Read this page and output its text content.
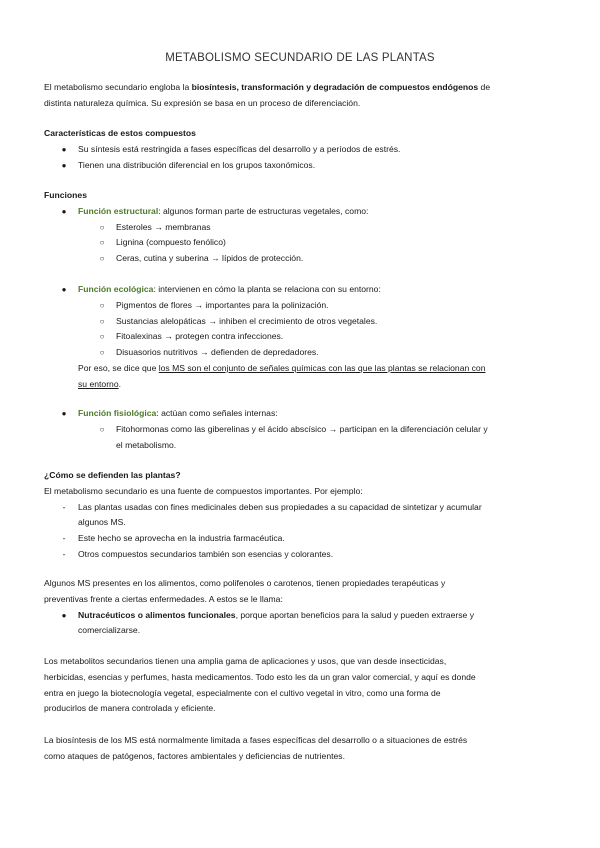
METABOLISMO SECUNDARIO DE LAS PLANTAS
El metabolismo secundario engloba la biosíntesis, transformación y degradación de compuestos endógenos de
distinta naturaleza química. Su expresión se basa en un proceso de diferenciación.
Características de estos compuestos
●	Su síntesis está restringida a fases específicas del desarrollo y a períodos de estrés.
●	Tienen una distribución diferencial en los grupos taxonómicos.
Funciones
●	Función estructural: algunos forman parte de estructuras vegetales, como:
○	Esteroles → membranas
○	Lignina (compuesto fenólico)
○	Ceras, cutina y suberina → lípidos de protección.
●	Función ecológica: intervienen en cómo la planta se relaciona con su entorno:
○	Pigmentos de flores → importantes para la polinización.
○	Sustancias alelopáticas → inhiben el crecimiento de otros vegetales.
○	Fitoalexinas → protegen contra infecciones.
○	Disuasorios nutritivos → defienden de depredadores.
Por eso, se dice que los MS son el conjunto de señales químicas con las que las plantas se relacionan con
su entorno.
●	Función fisiológica: actúan como señales internas:
○	Fitohormonas como las giberelinas y el ácido abscísico → participan en la diferenciación celular y
el metabolismo.
¿Cómo se defienden las plantas?
El metabolismo secundario es una fuente de compuestos importantes. Por ejemplo:
-	Las plantas usadas con fines medicinales deben sus propiedades a su capacidad de sintetizar y acumular
algunos MS.
-	Este hecho se aprovecha en la industria farmacéutica.
-	Otros compuestos secundarios también son esencias y colorantes.
Algunos MS presentes en los alimentos, como polifenoles o carotenos, tienen propiedades terapéuticas y
preventivas frente a ciertas enfermedades. A estos se le llama:
●	Nutracéuticos o alimentos funcionales, porque aportan beneficios para la salud y pueden extraerse y
comercializarse.
Los metabolitos secundarios tienen una amplia gama de aplicaciones y usos, que van desde insecticidas,
herbicidas, esencias y perfumes, hasta medicamentos. Todo esto les da un gran valor comercial, y aquí es donde
entra en juego la biotecnología vegetal, especialmente con el cultivo vegetal in vitro, como una forma de
producirlos de manera controlada y eficiente.
La biosíntesis de los MS está normalmente limitada a fases específicas del desarrollo o a situaciones de estrés
como ataques de patógenos, factores ambientales y deficiencias de nutrientes.
